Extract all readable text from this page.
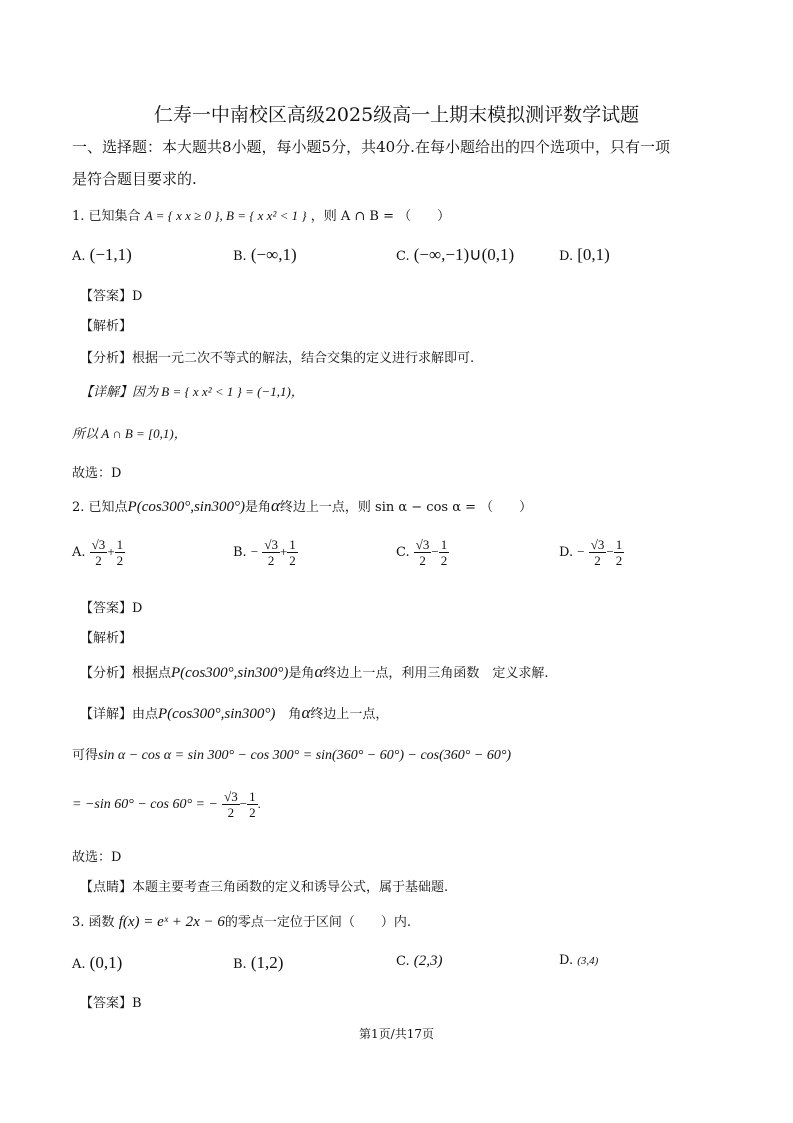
仁寿一中南校区高级2025级高一上期末模拟测评数学试题
一、选择题：本大题共8小题，每小题5分，共40分.在每小题给出的四个选项中，只有一项
是符合题目要求的.
1. 已知集合 A = { x x ≥ 0 }, B = { x x² < 1 } ，则 A ∩ B = （　　）
A. (−1,1)	B. (−∞,1)	C. (−∞,−1)∪(0,1)	D. [0,1)
【答案】D
【解析】
【分析】根据一元二次不等式的解法，结合交集的定义进行求解即可.
【详解】因为 B = { x x² < 1 } = (−1,1)，
所以 A ∩ B = [0,1)，
故选：D
2. 已知点P(cos300°,sin300°)是角α终边上一点，则 sin α − cos α = （　　）
A. $\frac{√3}{2} + \frac{1}{2}$	B. − $\frac{√3}{2} + \frac{1}{2}$	C. $\frac{√3}{2} - \frac{1}{2}$	D. − $\frac{√3}{2} - \frac{1}{2}$
【答案】D
【解析】
【分析】根据点P(cos300°,sin300°)是角α终边上一点，利用三角函数　定义求解.
【详解】由点P(cos300°,sin300°)　角α终边上一点，
可得sin α − cos α = sin 300° − cos 300° = sin(360° − 60°) − cos(360° − 60°)
= −sin 60° − cos 60° = − $\frac{√3}{2} - \frac{1}{2}$ .
故选：D
【点睛】本题主要考查三角函数的定义和诱导公式，属于基础题.
3. 函数 f(x) = eˣ + 2x − 6的零点一定位于区间（　　）内.
A. (0,1)	B. (1,2)	C. (2,3)	D. (3,4)
【答案】B
第1页/共17页
